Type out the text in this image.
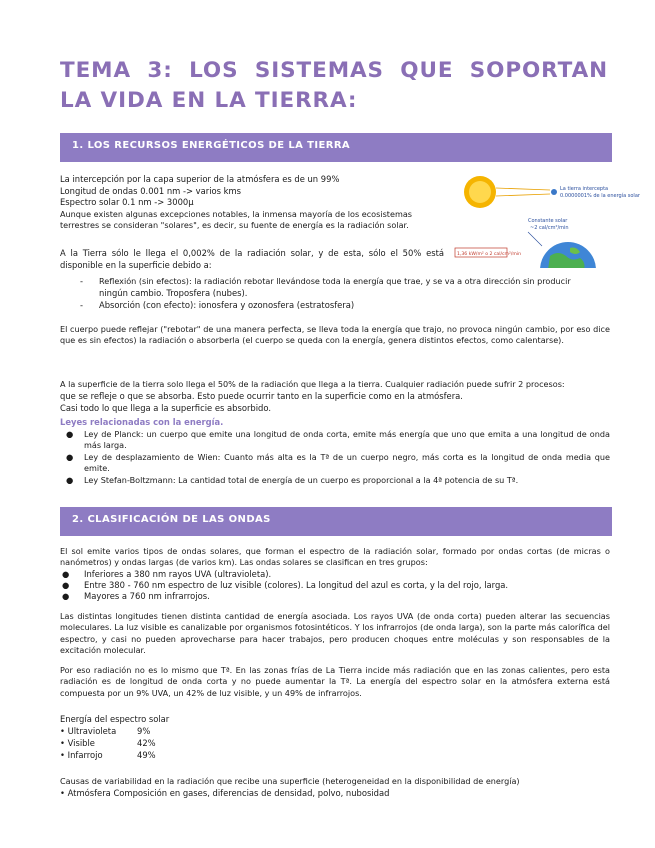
TEMA 3: LOS SISTEMAS QUE SOPORTAN LA VIDA EN LA TIERRA:
1. LOS RECURSOS ENERGÉTICOS DE LA TIERRA
La intercepción por la capa superior de la atmósfera es de un 99%
Longitud de ondas 0.001 nm -> varios kms
Espectro solar 0.1 nm -> 3000μ
Aunque existen algunas excepciones notables, la inmensa mayoría de los ecosistemas
terrestres se consideran "solares", es decir, su fuente de energía es la radiación solar.
La tierra intercepta
0.0000001% de la energía solar
Constante solar
~2 cal/cm²/min
1,36 kW/m² o 2 cal/cm²/min
A la Tierra sólo le llega el 0,002% de la radiación solar, y de esta, sólo el 50% está
disponible en la superficie debido a:
- Reflexión (sin efectos): la radiación rebotar llevándose toda la energía que trae, y se va a otra dirección sin producir
ningún cambio. Troposfera (nubes).
- Absorción (con efecto): ionosfera y ozonosfera (estratosfera)
El cuerpo puede reflejar ("rebotar" de una manera perfecta, se lleva toda la energía que trajo, no provoca ningún cambio, por eso dice que es sin efectos) la radiación o absorberla (el cuerpo se queda con la energía, genera distintos efectos, como calentarse).
A la superficie de la tierra solo llega el 50% de la radiación que llega a la tierra. Cualquier radiación puede sufrir 2 procesos:
que se refleje o que se absorba. Esto puede ocurrir tanto en la superficie como en la atmósfera.
Casi todo lo que llega a la superficie es absorbido.
Leyes relacionadas con la energía.
● Ley de Planck: un cuerpo que emite una longitud de onda corta, emite más energía que uno que emita a una longitud de onda más larga.
● Ley de desplazamiento de Wien: Cuanto más alta es la Tª de un cuerpo negro, más corta es la longitud de onda media que emite.
● Ley Stefan-Boltzmann: La cantidad total de energía de un cuerpo es proporcional a la 4ª potencia de su Tª.
2. CLASIFICACIÓN DE LAS ONDAS
El sol emite varios tipos de ondas solares, que forman el espectro de la radiación solar, formado por ondas cortas (de micras o nanómetros) y ondas largas (de varios km). Las ondas solares se clasifican en tres grupos:
● Inferiores a 380 nm rayos UVA (ultravioleta).
● Entre 380 - 760 nm espectro de luz visible (colores). La longitud del azul es corta, y la del rojo, larga.
● Mayores a 760 nm infrarrojos.
Las distintas longitudes tienen distinta cantidad de energía asociada. Los rayos UVA (de onda corta) pueden alterar las secuencias moleculares. La luz visible es canalizable por organismos fotosintéticos. Y los infrarrojos (de onda larga), son la parte más calorífica del espectro, y casi no pueden aprovecharse para hacer trabajos, pero producen choques entre moléculas y son responsables de la excitación molecular.
Por eso radiación no es lo mismo que Tª. En las zonas frías de La Tierra incide más radiación que en las zonas calientes, pero esta radiación es de longitud de onda corta y no puede aumentar la Tª. La energía del espectro solar en la atmósfera externa está compuesta por un 9% UVA, un 42% de luz visible, y un 49% de infrarrojos.
Energía del espectro solar
• Ultravioleta 9%
• Visible	42%
• Infarrojo	49%
Causas de variabilidad en la radiación que recibe una superficie (heterogeneidad en la disponibilidad de energía)
• Atmósfera Composición en gases, diferencias de densidad, polvo, nubosidad
